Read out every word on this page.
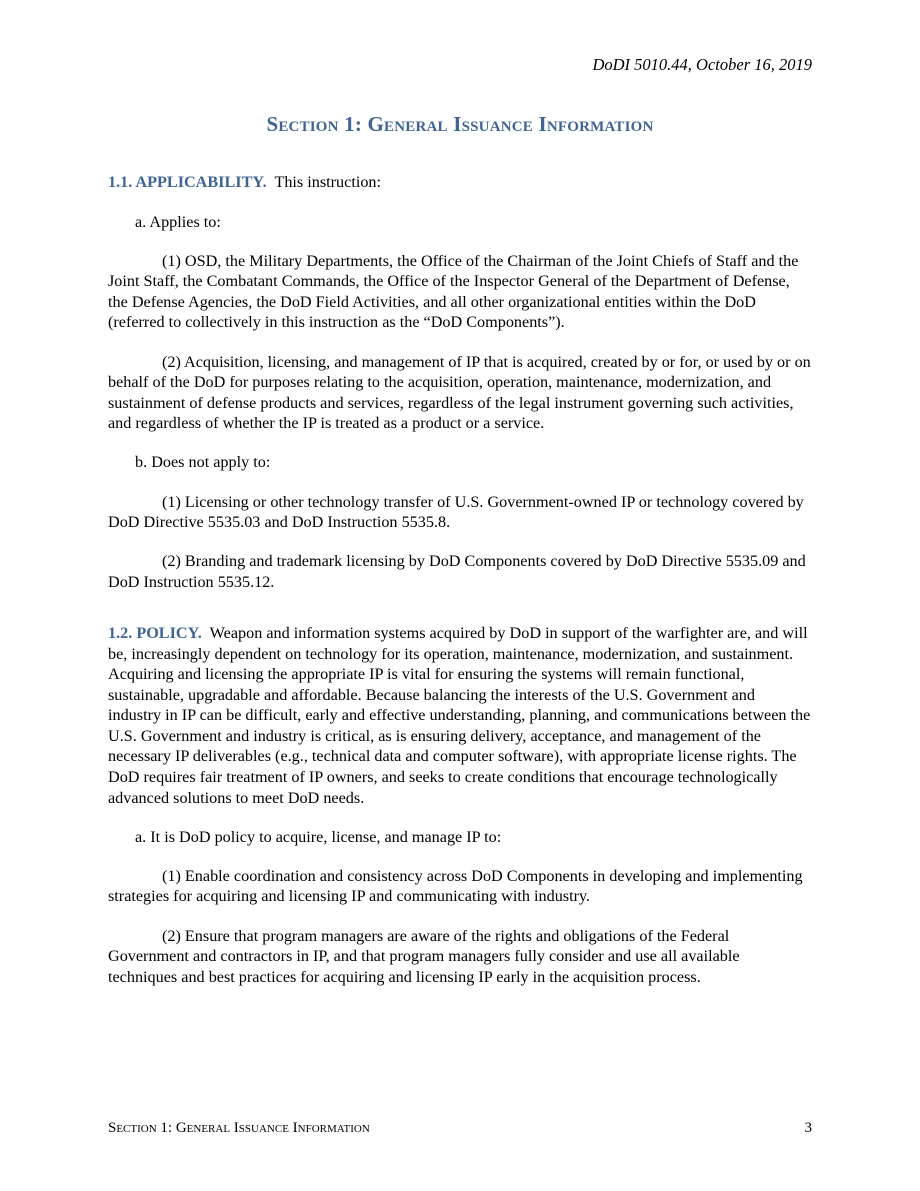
DoDI 5010.44, October 16, 2019
Section 1: General Issuance Information

1.1. APPLICABILITY. This instruction:

a. Applies to:

(1) OSD, the Military Departments, the Office of the Chairman of the Joint Chiefs of Staff and the Joint Staff, the Combatant Commands, the Office of the Inspector General of the Department of Defense, the Defense Agencies, the DoD Field Activities, and all other organizational entities within the DoD (referred to collectively in this instruction as the “DoD Components”).

(2) Acquisition, licensing, and management of IP that is acquired, created by or for, or used by or on behalf of the DoD for purposes relating to the acquisition, operation, maintenance, modernization, and sustainment of defense products and services, regardless of the legal instrument governing such activities, and regardless of whether the IP is treated as a product or a service.

b. Does not apply to:

(1) Licensing or other technology transfer of U.S. Government-owned IP or technology covered by DoD Directive 5535.03 and DoD Instruction 5535.8.

(2) Branding and trademark licensing by DoD Components covered by DoD Directive 5535.09 and DoD Instruction 5535.12.

1.2. POLICY. Weapon and information systems acquired by DoD in support of the warfighter are, and will be, increasingly dependent on technology for its operation, maintenance, modernization, and sustainment. Acquiring and licensing the appropriate IP is vital for ensuring the systems will remain functional, sustainable, upgradable and affordable. Because balancing the interests of the U.S. Government and industry in IP can be difficult, early and effective understanding, planning, and communications between the U.S. Government and industry is critical, as is ensuring delivery, acceptance, and management of the necessary IP deliverables (e.g., technical data and computer software), with appropriate license rights. The DoD requires fair treatment of IP owners, and seeks to create conditions that encourage technologically advanced solutions to meet DoD needs.

a. It is DoD policy to acquire, license, and manage IP to:

(1) Enable coordination and consistency across DoD Components in developing and implementing strategies for acquiring and licensing IP and communicating with industry.

(2) Ensure that program managers are aware of the rights and obligations of the Federal Government and contractors in IP, and that program managers fully consider and use all available techniques and best practices for acquiring and licensing IP early in the acquisition process.

Section 1: General Issuance Information	3
